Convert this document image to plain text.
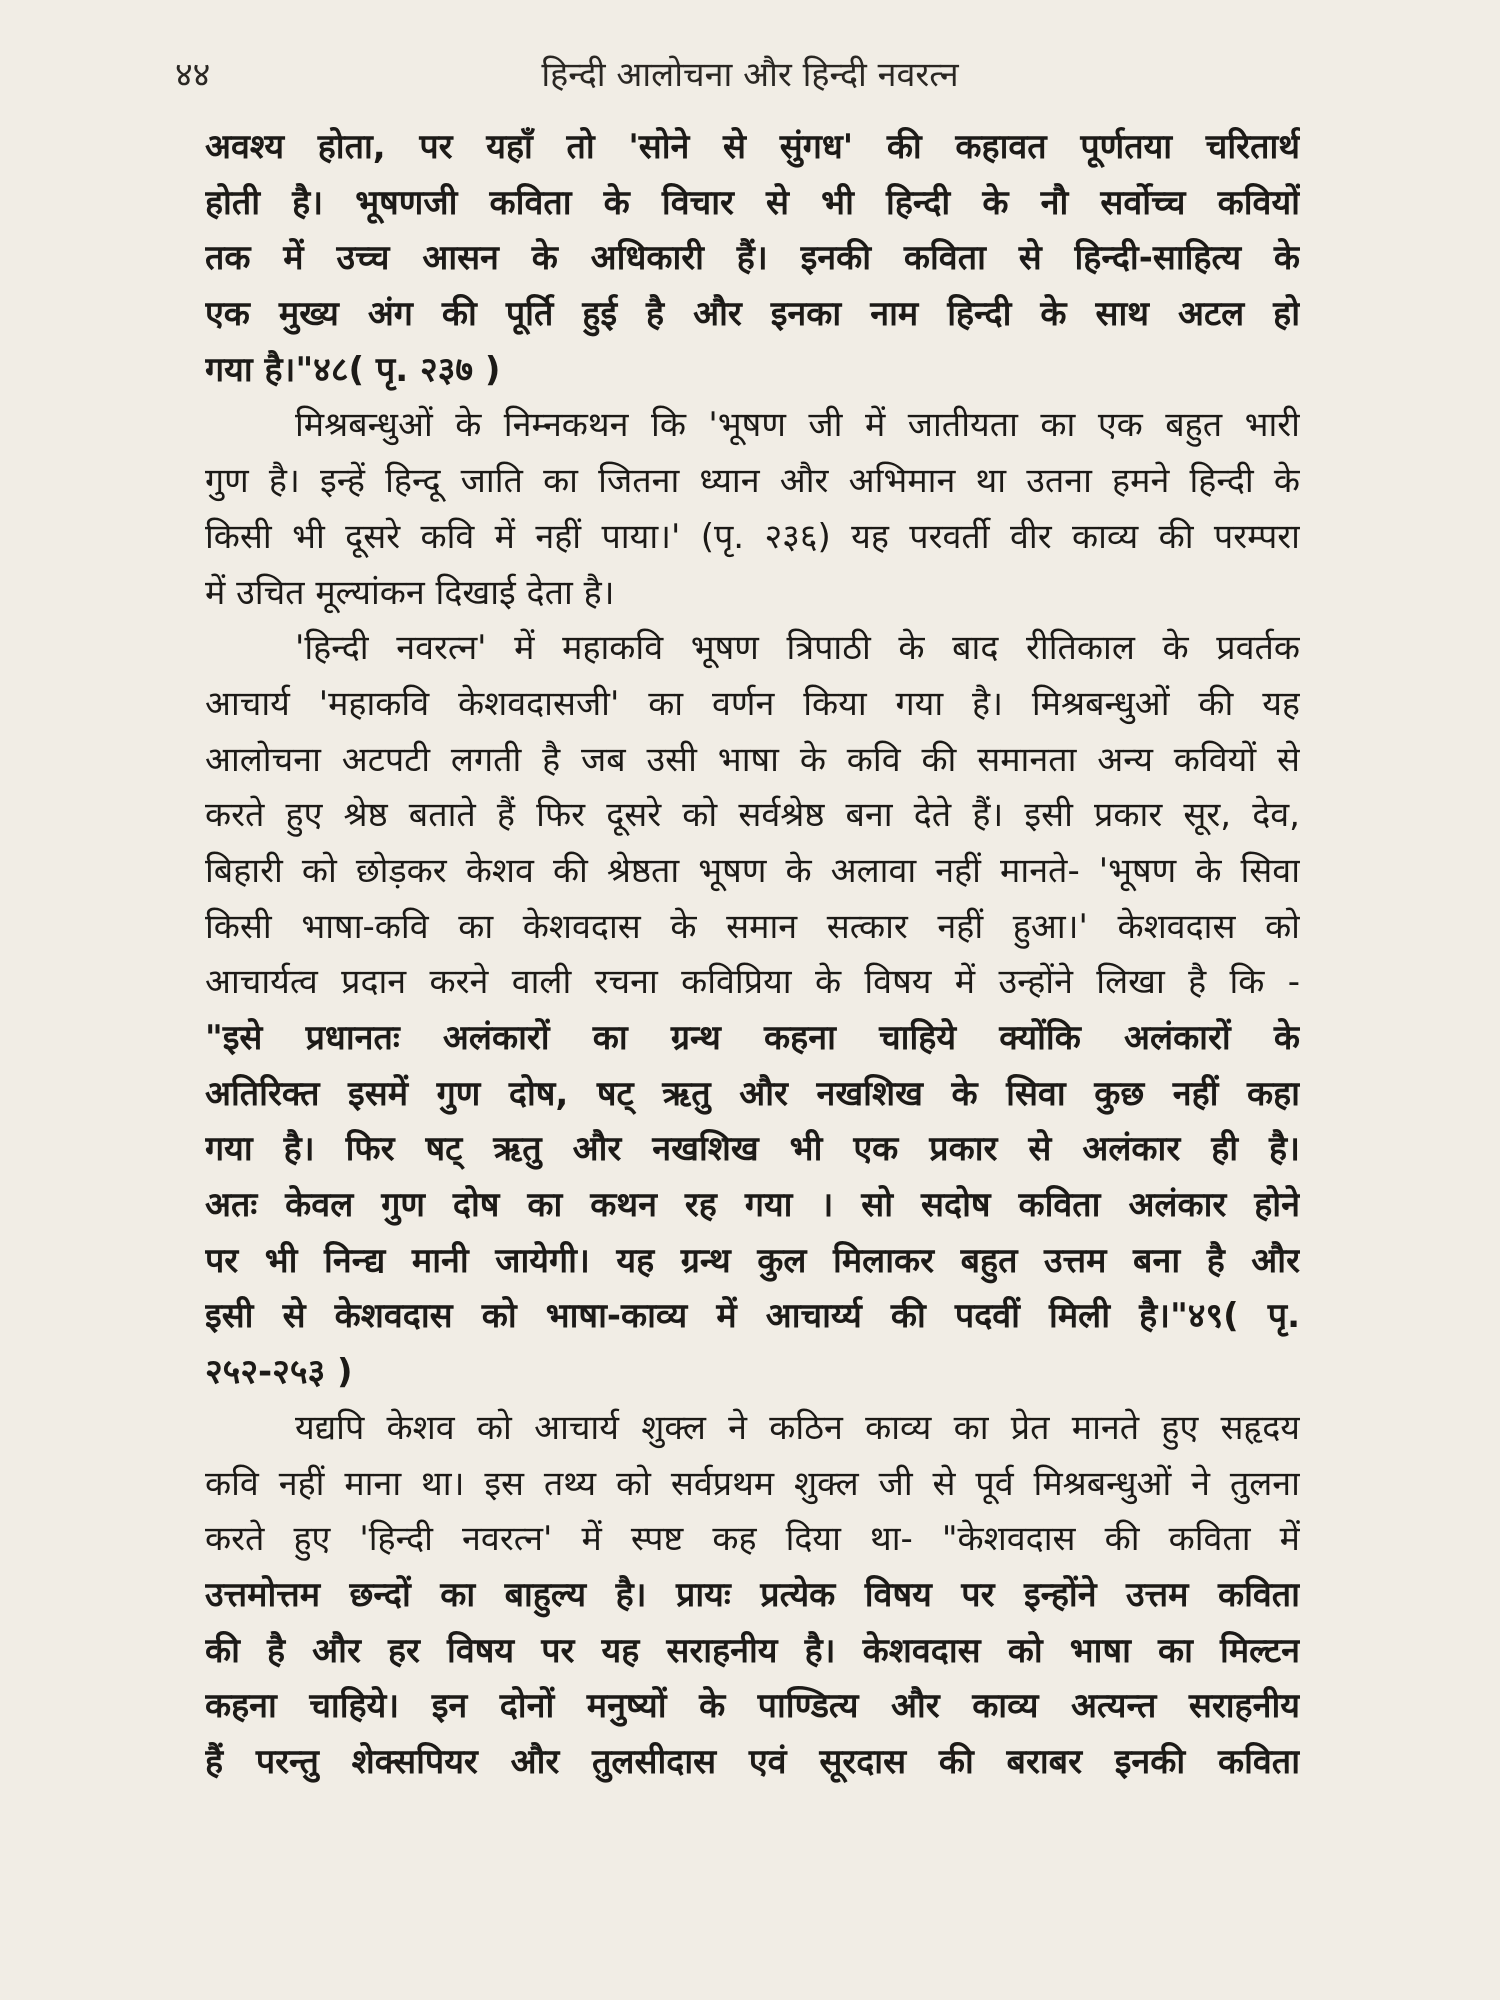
४४	हिन्दी आलोचना और हिन्दी नवरत्न
अवश्य होता, पर यहाँ तो 'सोने से सुंगध' की कहावत पूर्णतया चरितार्थ
होती है। भूषणजी कविता के विचार से भी हिन्दी के नौ सर्वोच्च कवियों
तक में उच्च आसन के अधिकारी हैं। इनकी कविता से हिन्दी-साहित्य के
एक मुख्य अंग की पूर्ति हुई है और इनका नाम हिन्दी के साथ अटल हो
गया है।"४८( पृ. २३७ )
मिश्रबन्धुओं के निम्नकथन कि 'भूषण जी में जातीयता का एक बहुत भारी
गुण है। इन्हें हिन्दू जाति का जितना ध्यान और अभिमान था उतना हमने हिन्दी के
किसी भी दूसरे कवि में नहीं पाया।' (पृ. २३६) यह परवर्ती वीर काव्य की परम्परा
में उचित मूल्यांकन दिखाई देता है।
'हिन्दी नवरत्न' में महाकवि भूषण त्रिपाठी के बाद रीतिकाल के प्रवर्तक
आचार्य 'महाकवि केशवदासजी' का वर्णन किया गया है। मिश्रबन्धुओं की यह
आलोचना अटपटी लगती है जब उसी भाषा के कवि की समानता अन्य कवियों से
करते हुए श्रेष्ठ बताते हैं फिर दूसरे को सर्वश्रेष्ठ बना देते हैं। इसी प्रकार सूर, देव,
बिहारी को छोड़कर केशव की श्रेष्ठता भूषण के अलावा नहीं मानते- 'भूषण के सिवा
किसी भाषा-कवि का केशवदास के समान सत्कार नहीं हुआ।' केशवदास को
आचार्यत्व प्रदान करने वाली रचना कविप्रिया के विषय में उन्होंने लिखा है कि -
"इसे प्रधानतः अलंकारों का ग्रन्थ कहना चाहिये क्योंकि अलंकारों के
अतिरिक्त इसमें गुण दोष, षट् ऋतु और नखशिख के सिवा कुछ नहीं कहा
गया है। फिर षट् ऋतु और नखशिख भी एक प्रकार से अलंकार ही है।
अतः केवल गुण दोष का कथन रह गया । सो सदोष कविता अलंकार होने
पर भी निन्द्य मानी जायेगी। यह ग्रन्थ कुल मिलाकर बहुत उत्तम बना है और
इसी से केशवदास को भाषा-काव्य में आचार्य्य की पदवीं मिली है।"४९( पृ.
२५२-२५३ )
यद्यपि केशव को आचार्य शुक्ल ने कठिन काव्य का प्रेत मानते हुए सहृदय
कवि नहीं माना था। इस तथ्य को सर्वप्रथम शुक्ल जी से पूर्व मिश्रबन्धुओं ने तुलना
करते हुए 'हिन्दी नवरत्न' में स्पष्ट कह दिया था- "केशवदास की कविता में
उत्तमोत्तम छन्दों का बाहुल्य है। प्रायः प्रत्येक विषय पर इन्होंने उत्तम कविता
की है और हर विषय पर यह सराहनीय है। केशवदास को भाषा का मिल्टन
कहना चाहिये। इन दोनों मनुष्यों के पाण्डित्य और काव्य अत्यन्त सराहनीय
हैं परन्तु शेक्सपियर और तुलसीदास एवं सूरदास की बराबर इनकी कविता
